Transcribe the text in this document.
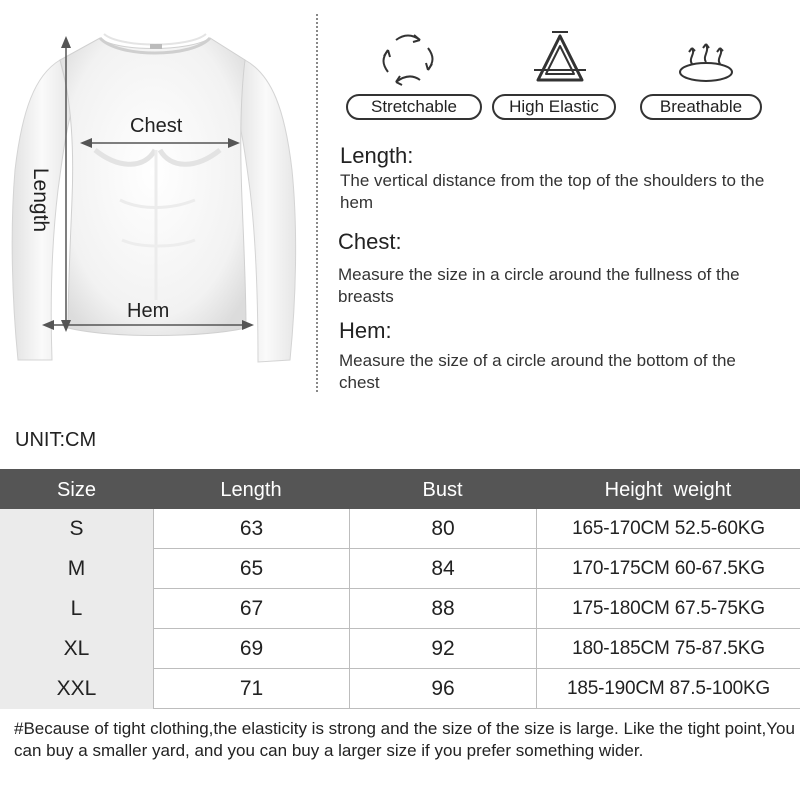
Chest
Hem
Length
Stretchable	High Elastic	Breathable
Length:
The vertical distance from the top of the shoulders to the hem
Chest:
Measure the size in a circle around the fullness of the breasts
Hem:
Measure the size of a circle around the bottom of the chest
UNIT:CM
Size	Length	Bust	Height  weight
S	63	80	165-170CM 52.5-60KG
M	65	84	170-175CM 60-67.5KG
L	67	88	175-180CM 67.5-75KG
XL	69	92	180-185CM 75-87.5KG
XXL	71	96	185-190CM 87.5-100KG
#Because of tight clothing,the elasticity is strong and the size of the size is large. Like the tight point,You can buy a smaller yard, and you can buy a larger size if you prefer something wider.
